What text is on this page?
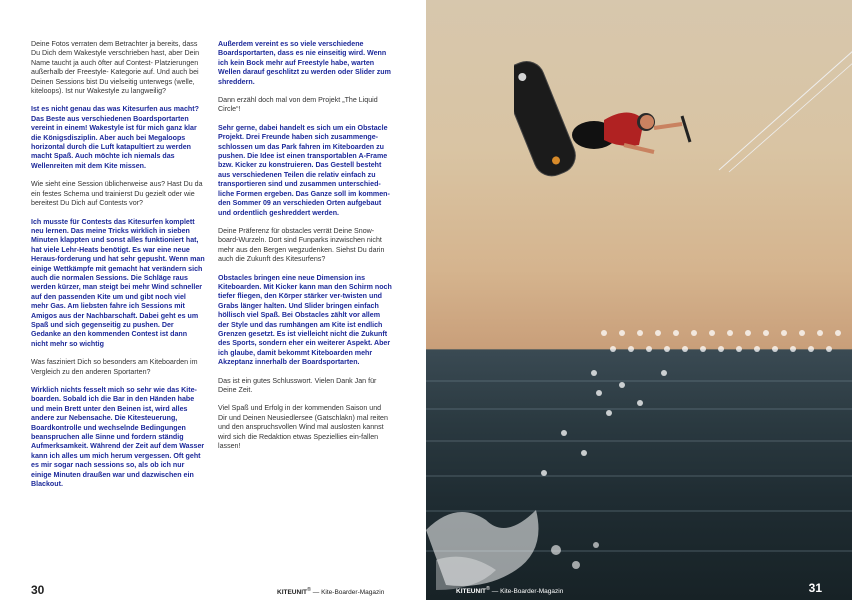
Deine Fotos verraten dem Betrachter ja bereits, dass Du Dich dem Wakestyle verschrieben hast, aber Dein Name taucht ja auch öfter auf Contest- Platzierungen außerhalb der Freestyle- Kategorie auf. Und auch bei Deinen Sessions bist Du vielseitig unterwegs (welle, kiteloops). Ist nur Wakestyle zu langweilig?

Ist es nicht genau das was Kitesurfen aus macht? Das Beste aus verschiedenen Boardsportarten vereint in einem! Wakestyle ist für mich ganz klar die Königsdisziplin. Aber auch bei Megaloops horizontal durch die Luft katapultiert zu werden macht Spaß. Auch möchte ich niemals das Wellenreiten mit dem Kite missen.

Wie sieht eine Session üblicherweise aus? Hast Du da ein festes Schema und trainierst Du gezielt oder wie bereitest Du Dich auf Contests vor?

Ich musste für Contests das Kitesurfen komplett neu lernen. Das meine Tricks wirklich in sieben Minuten klappten und sonst alles funktioniert hat, hat viele Lehr-Heats benötigt. Es war eine neue Heraus-forderung und hat sehr gepusht. Wenn man einige Wettkämpfe mit gemacht hat verändern sich auch die normalen Sessions. Die Schläge raus werden kürzer, man steigt bei mehr Wind schneller auf den passenden Kite um und gibt noch viel mehr Gas. Am liebsten fahre ich Sessions mit Amigos aus der Nachbarschaft. Dabei geht es um Spaß und sich gegenseitig zu pushen. Der Gedanke an den kommenden Contest ist dann nicht mehr so wichtig

Was fasziniert Dich so besonders am Kiteboarden im Vergleich zu den anderen Sportarten?

Wirklich nichts fesselt mich so sehr wie das Kite-boarden. Sobald ich die Bar in den Händen habe und mein Brett unter den Beinen ist, wird alles andere zur Nebensache. Die Kitesteuerung, Boardkontrolle und wechselnde Bedingungen beanspruchen alle Sinne und fordern ständig Aufmerksamkeit. Während der Zeit auf dem Wasser kann ich alles um mich herum vergessen. Oft geht es mir sogar nach sessions so, als ob ich nur einige Minuten draußen war und dazwischen ein Blackout.

Außerdem vereint es so viele verschiedene Boardsportarten, dass es nie einseitig wird. Wenn ich kein Bock mehr auf Freestyle habe, warten Wellen darauf geschlitzt zu werden oder Slider zum shreddern.

Dann erzähl doch mal von dem Projekt „The Liquid Circle“!

Sehr gerne, dabei handelt es sich um ein Obstacle Projekt. Drei Freunde haben sich zusammenge-schlossen um das Park fahren im Kiteboarden zu pushen. Die Idee ist einen transportablen A-Frame bzw. Kicker zu konstruieren. Das Gestell besteht aus verschiedenen Teilen die relativ einfach zu transportieren sind und zusammen unterschied-liche Formen ergeben. Das Ganze soll im kommen-den Sommer 09 an verschieden Orten aufgebaut und ordentlich geshreddert werden.

Deine Präferenz für obstacles verrät Deine Snow-board-Wurzeln. Dort sind Funparks inzwischen nicht mehr aus den Bergen wegzudenken. Siehst Du darin auch die Zukunft des Kitesurfens?

Obstacles bringen eine neue Dimension ins Kiteboarden. Mit Kicker kann man den Schirm noch tiefer fliegen, den Körper stärker ver-twisten und Grabs länger halten. Und Slider bringen einfach höllisch viel Spaß. Bei Obstacles zählt vor allem der Style und das rumhängen am Kite ist endlich Grenzen gesetzt. Es ist vielleicht nicht die Zukunft des Sports, sondern eher ein weiterer Aspekt. Aber ich glaube, damit bekommt Kiteboarden mehr Akzeptanz innerhalb der Boardsportarten.

Das ist ein gutes Schlusswort. Vielen Dank Jan für Deine Zeit.

Viel Spaß und Erfolg in der kommenden Saison und Dir und Deinen Neusiedlersee (Gatschlakn) mal reiten und den anspruchsvollen Wind mal auslosten kannst wird sich die Redaktion etwas Speziellies ein-fallen lassen!

30	KITEUNIT® — Kite-Boarder-Magazin	KITEUNIT® — Kite-Boarder-Magazin	31
